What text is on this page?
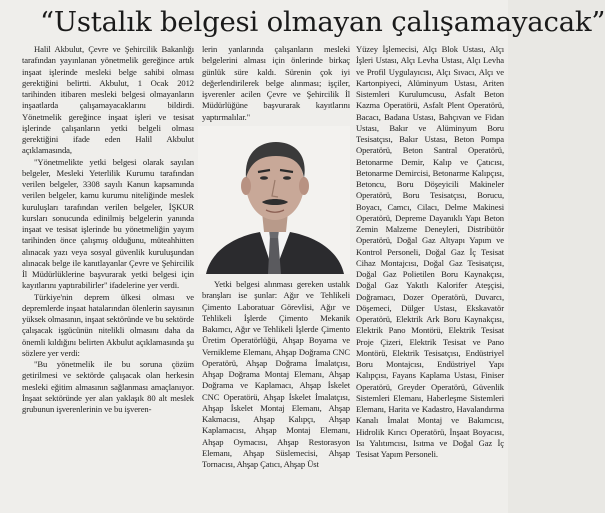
“Ustalık belgesi olmayan çalışamayacak”

Halil Akbulut, Çevre ve Şehircilik Bakanlığı tarafından yayınlanan yönetmelik gereğince artık inşaat işlerinde mesleki belge sahibi olması gerektiğini belirtti. Akbulut, 1 Ocak 2012 tarihinden itibaren mesleki belgesi olmayanların inşaatlarda çalışamayacaklarını bildirdi. Yönetmelik gereğince inşaat işleri ve tesisat işlerinde çalışanların yetki belgeli olması gerektiğini ifade eden Halil Akbulut açıklamasında,

"Yönetmelikte yetki belgesi olarak sayılan belgeler, Mesleki Yeterlilik Kurumu tarafından verilen belgeler, 3308 sayılı Kanun kapsamında verilen belgeler, kamu kurumu niteliğinde meslek kuruluşları tarafından verilen belgeler, İŞKUR kursları sonucunda edinilmiş belgelerin yanında inşaat ve tesisat işlerinde bu yönetmeliğin yayım tarihinden önce çalışmış olduğunu, müteahhitten alınacak yazı veya sosyal güvenlik kuruluşundan alınacak belge ile kanıtlayanlar Çevre ve Şehircilik İl Müdürlüklerine başvurarak yetki belgesi için kayıtlarını yaptırabilirler" ifadelerine yer verdi.

Türkiye'nin deprem ülkesi olması ve depremlerde inşaat hatalarından ölenlerin sayısının yüksek olmasının, inşaat sektöründe ve bu sektörde çalışacak işgücünün nitelikli olmasını daha da önemli kıldığını belirten Akbulut açıklamasında şu sözlere yer verdi:

"Bu yönetmelik ile bu soruna çözüm getirilmesi ve sektörde çalışacak olan herkesin mesleki eğitim almasının sağlanması amaçlanıyor. İnşaat sektöründe yer alan yaklaşık 80 alt meslek grubunun işverenlerinin ve bu işveren-

lerin yanlarında çalışanların mesleki belgelerini alması için önlerinde birkaç günlük süre kaldı. Sürenin çok iyi değerlendirilerek belge alınması; işçiler, işverenler acilen Çevre ve Şehircilik İl Müdürlüğüne başvurarak kayıtlarını yaptırmalılar."

Yetki belgesi alınması gereken ustalık branşları ise şunlar: Ağır ve Tehlikeli Çimento Laboratuar Görevlisi, Ağır ve Tehlikeli İşlerde Çimento Mekanik Bakımcı, Ağır ve Tehlikeli İşlerde Çimento Üretim Operatörlüğü, Ahşap Boyama ve Vernikleme Elemanı, Ahşap Doğrama CNC Operatörü, Ahşap Doğrama İmalatçısı, Ahşap Doğrama Montaj Elemanı, Ahşap Doğrama ve Kaplamacı, Ahşap İskelet CNC Operatörü, Ahşap İskelet İmalatçısı, Ahşap İskelet Montaj Elemanı, Ahşap Kakmacısı, Ahşap Kalıpçı, Ahşap Kaplamacısı, Ahşap Montaj Elemanı, Ahşap Oymacısı, Ahşap Restorasyon Elemanı, Ahşap Süslemecisi, Ahşap Tornacısı, Ahşap Çatıcı, Ahşap Üst

Yüzey İşlemecisi, Alçı Blok Ustası, Alçı İşleri Ustası, Alçı Levha Ustası, Alçı Levha ve Profil Uygulayıcısı, Alçı Sıvacı, Alçı ve Kartonpiyeci, Alüminyum Ustası, Ariten Sistemleri Kurulumcusu, Asfalt Beton Kazma Operatörü, Asfalt Plent Operatörü, Bacacı, Badana Ustası, Bahçıvan ve Fidan Ustası, Bakır ve Alüminyum Boru Tesisatçısı, Bakır Ustası, Beton Pompa Operatörü, Beton Santral Operatörü, Betonarme Demir, Kalıp ve Çatıcısı, Betonarme Demircisi, Betonarme Kalıpçısı, Betoncu, Boru Döşeyicili Makineler Operatörü, Boru Tesisatçısı, Borucu, Boyacı, Camcı, Cilacı, Delme Makinesi Operatörü, Depreme Dayanıklı Yapı Beton Zemin Malzeme Deneyleri, Distribütör Operatörü, Doğal Gaz Altyapı Yapım ve Kontrol Personeli, Doğal Gaz İç Tesisat Cihaz Montajcısı, Doğal Gaz Tesisatçısı, Doğal Gaz Polietilen Boru Kaynakçısı, Doğal Gaz Yakıtlı Kalorifer Ateşçisi, Doğramacı, Dozer Operatörü, Duvarcı, Döşemeci, Dülger Ustası, Ekskavatör Operatörü, Elektrik Ark Boru Kaynakçısı, Elektrik Pano Montörü, Elektrik Tesisat Proje Çizeri, Elektrik Tesisat ve Pano Montörü, Elektrik Tesisatçısı, Endüstriyel Boru Montajcısı, Endüstriyel Yapı Kalıpçısı, Fayans Kaplama Ustası, Finiser Operatörü, Greyder Operatörü, Güvenlik Sistemleri Elemanı, Haberleşme Sistemleri Elemanı, Harita ve Kadastro, Havalandırma Kanalı İmalat Montaj ve Bakımcısı, Hidrolik Kırıcı Operatörü, İnşaat Boyacısı, Isı Yalıtımcısı, Isıtma ve Doğal Gaz İç Tesisat Yapım Personeli.
